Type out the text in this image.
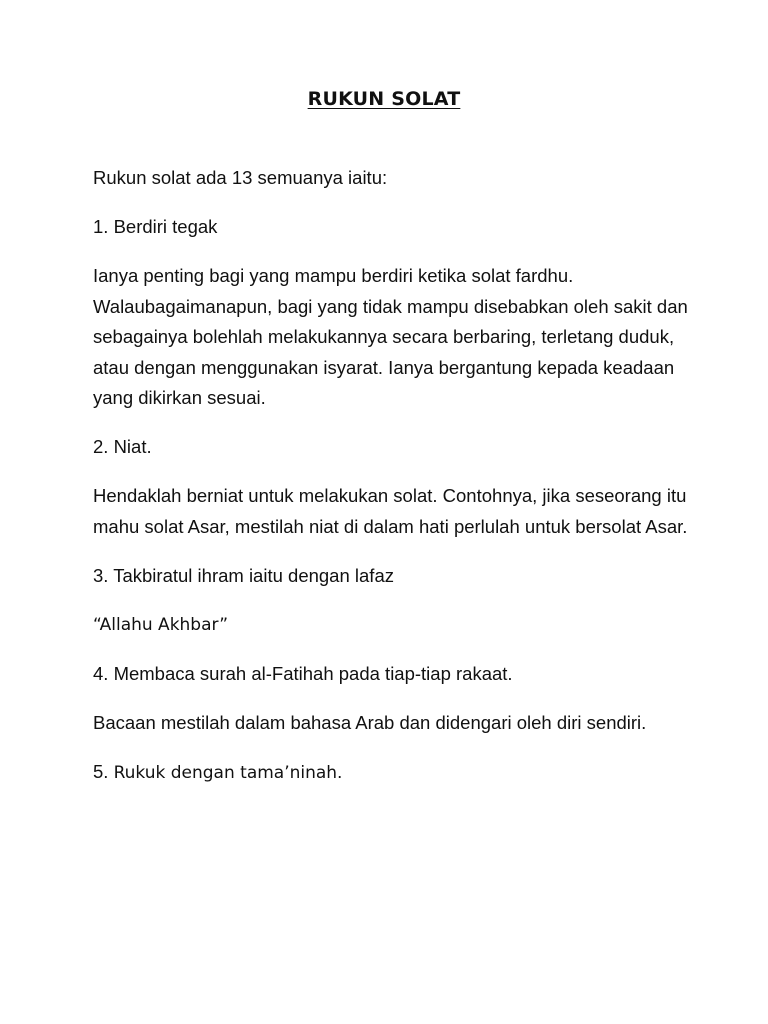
RUKUN SOLAT

Rukun solat ada 13 semuanya iaitu:

1. Berdiri tegak

Ianya penting bagi yang mampu berdiri ketika solat fardhu. Walaubagaimanapun, bagi yang tidak mampu disebabkan oleh sakit dan sebagainya bolehlah melakukannya secara berbaring, terletang duduk, atau dengan menggunakan isyarat. Ianya bergantung kepada keadaan yang dikirkan sesuai.

2. Niat.

Hendaklah berniat untuk melakukan solat. Contohnya, jika seseorang itu mahu solat Asar, mestilah niat di dalam hati perlulah untuk bersolat Asar.

3. Takbiratul ihram iaitu dengan lafaz

“Allahu Akhbar”

4. Membaca surah al-Fatihah pada tiap-tiap rakaat.

Bacaan mestilah dalam bahasa Arab dan didengari oleh diri sendiri.

5. Rukuk dengan tama’ninah.
